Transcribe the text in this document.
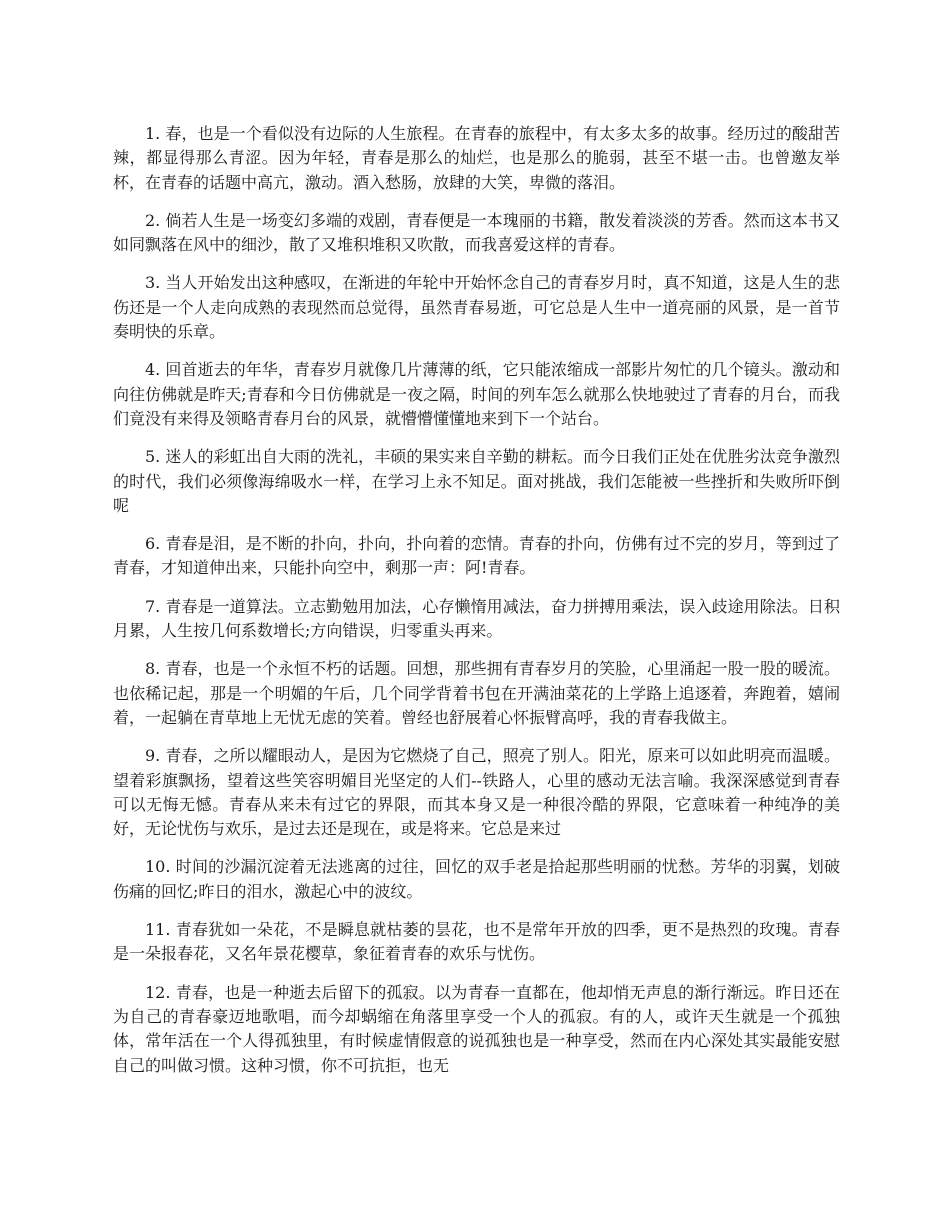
1. 春，也是一个看似没有边际的人生旅程。在青春的旅程中，有太多太多的故事。经历过的酸甜苦辣，都显得那么青涩。因为年轻，青春是那么的灿烂，也是那么的脆弱，甚至不堪一击。也曾邀友举杯，在青春的话题中高亢，激动。酒入愁肠，放肆的大笑，卑微的落泪。

2. 倘若人生是一场变幻多端的戏剧，青春便是一本瑰丽的书籍，散发着淡淡的芳香。然而这本书又如同飘落在风中的细沙，散了又堆积堆积又吹散，而我喜爱这样的青春。

3. 当人开始发出这种感叹，在渐进的年轮中开始怀念自己的青春岁月时，真不知道，这是人生的悲伤还是一个人走向成熟的表现然而总觉得，虽然青春易逝，可它总是人生中一道亮丽的风景，是一首节奏明快的乐章。

4. 回首逝去的年华，青春岁月就像几片薄薄的纸，它只能浓缩成一部影片匆忙的几个镜头。激动和向往仿佛就是昨天;青春和今日仿佛就是一夜之隔，时间的列车怎么就那么快地驶过了青春的月台，而我们竟没有来得及领略青春月台的风景，就懵懵懂懂地来到下一个站台。

5. 迷人的彩虹出自大雨的洗礼，丰硕的果实来自辛勤的耕耘。而今日我们正处在优胜劣汰竞争激烈的时代，我们必须像海绵吸水一样，在学习上永不知足。面对挑战，我们怎能被一些挫折和失败所吓倒呢

6. 青春是泪，是不断的扑向，扑向，扑向着的恋情。青春的扑向，仿佛有过不完的岁月，等到过了青春，才知道伸出来，只能扑向空中，剩那一声：阿!青春。

7. 青春是一道算法。立志勤勉用加法，心存懒惰用减法，奋力拼搏用乘法，误入歧途用除法。日积月累，人生按几何系数增长;方向错误，归零重头再来。

8. 青春，也是一个永恒不朽的话题。回想，那些拥有青春岁月的笑脸，心里涌起一股一股的暖流。也依稀记起，那是一个明媚的午后，几个同学背着书包在开满油菜花的上学路上追逐着，奔跑着，嬉闹着，一起躺在青草地上无忧无虑的笑着。曾经也舒展着心怀振臂高呼，我的青春我做主。

9. 青春，之所以耀眼动人，是因为它燃烧了自己，照亮了别人。阳光，原来可以如此明亮而温暖。望着彩旗飘扬，望着这些笑容明媚目光坚定的人们--铁路人，心里的感动无法言喻。我深深感觉到青春可以无悔无憾。青春从来未有过它的界限，而其本身又是一种很冷酷的界限，它意味着一种纯净的美好，无论忧伤与欢乐，是过去还是现在，或是将来。它总是来过

10. 时间的沙漏沉淀着无法逃离的过往，回忆的双手老是拾起那些明丽的忧愁。芳华的羽翼，划破伤痛的回忆;昨日的泪水，激起心中的波纹。

11. 青春犹如一朵花，不是瞬息就枯萎的昙花，也不是常年开放的四季，更不是热烈的玫瑰。青春是一朵报春花，又名年景花樱草，象征着青春的欢乐与忧伤。

12. 青春，也是一种逝去后留下的孤寂。以为青春一直都在，他却悄无声息的渐行渐远。昨日还在为自己的青春豪迈地歌唱，而今却蜗缩在角落里享受一个人的孤寂。有的人，或许天生就是一个孤独体，常年活在一个人得孤独里，有时候虚情假意的说孤独也是一种享受，然而在内心深处其实最能安慰自己的叫做习惯。这种习惯，你不可抗拒，也无
